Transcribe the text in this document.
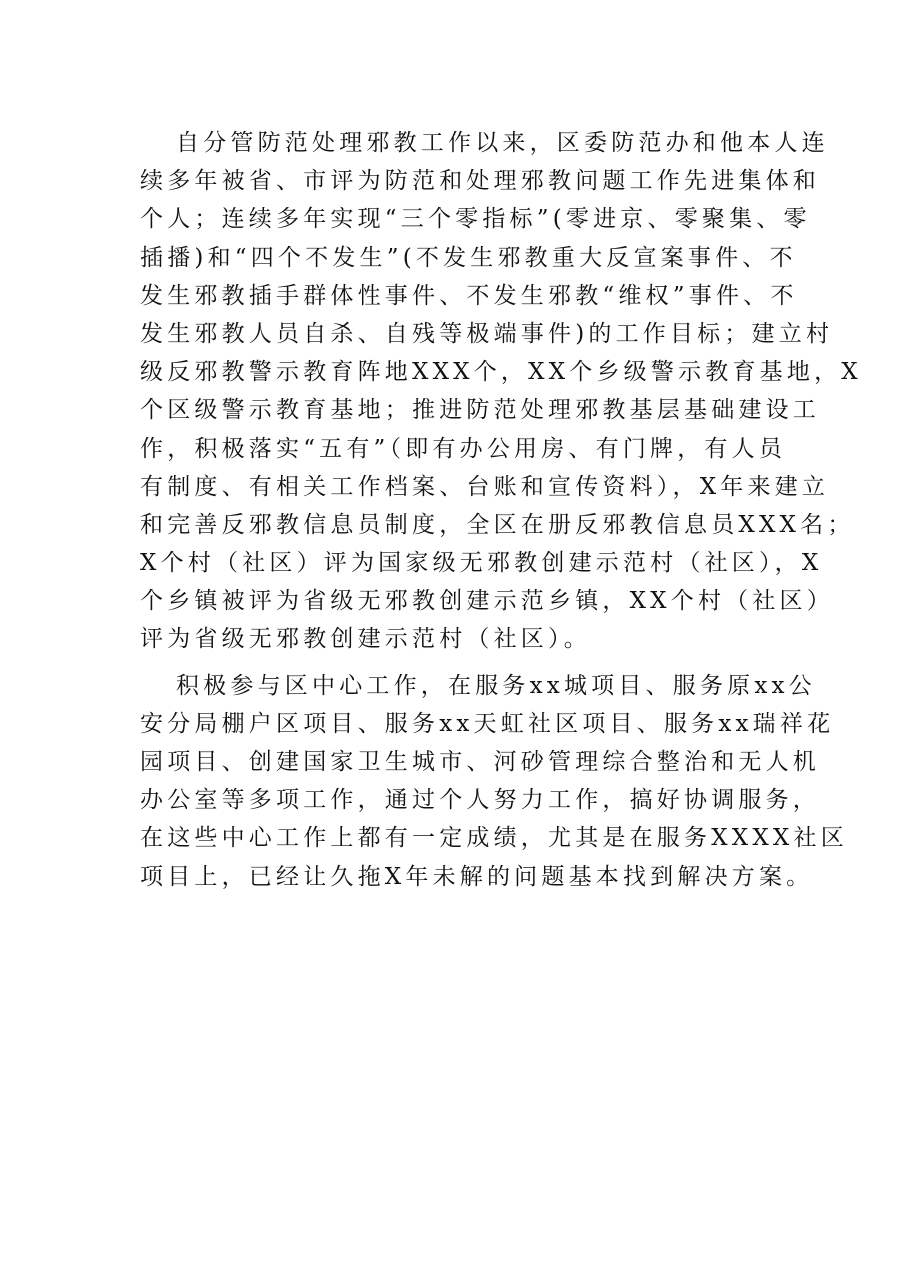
自分管防范处理邪教工作以来，区委防范办和他本人连
续多年被省、市评为防范和处理邪教问题工作先进集体和
个人；连续多年实现“三个零指标”(零进京、零聚集、零
插播)和“四个不发生”(不发生邪教重大反宣案事件、不
发生邪教插手群体性事件、不发生邪教“维权”事件、不
发生邪教人员自杀、自残等极端事件)的工作目标；建立村
级反邪教警示教育阵地XXX个，XX个乡级警示教育基地，X
个区级警示教育基地；推进防范处理邪教基层基础建设工
作，积极落实“五有”（即有办公用房、有门牌，有人员
有制度、有相关工作档案、台账和宣传资料），X年来建立
和完善反邪教信息员制度，全区在册反邪教信息员XXX名；
X个村（社区）评为国家级无邪教创建示范村（社区），X
个乡镇被评为省级无邪教创建示范乡镇，XX个村（社区）
评为省级无邪教创建示范村（社区）。

积极参与区中心工作，在服务xx城项目、服务原xx公
安分局棚户区项目、服务xx天虹社区项目、服务xx瑞祥花
园项目、创建国家卫生城市、河砂管理综合整治和无人机
办公室等多项工作，通过个人努力工作，搞好协调服务，
在这些中心工作上都有一定成绩，尤其是在服务XXXX社区
项目上，已经让久拖X年未解的问题基本找到解决方案。
